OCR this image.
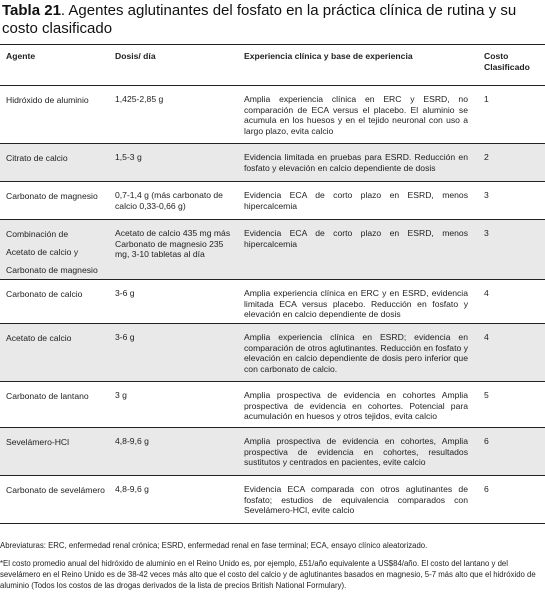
Tabla 21. Agentes aglutinantes del fosfato en la práctica clínica de rutina y su costo clasificado
Agente	Dosis/ día	Experiencia clínica y base de experiencia	Costo Clasificado

Hidróxido de aluminio	1,425-2,85 g	Amplia experiencia clínica en ERC y ESRD, no comparación de ECA versus el placebo. El aluminio se acumula en los huesos y en el tejido neuronal con uso a largo plazo, evita calcio	1

Citrato de calcio	1,5-3 g	Evidencia limitada en pruebas para ESRD. Reducción en fosfato y elevación en calcio dependiente de dosis	2

Carbonato de magnesio	0,7-1,4 g (más carbonato de calcio 0,33-0,66 g)	Evidencia ECA de corto plazo en ESRD, menos hipercalcemia	3

Combinación de
Acetato de calcio y
Carbonato de magnesio	Acetato de calcio 435 mg más Carbonato de magnesio 235 mg, 3-10 tabletas al día	Evidencia ECA de corto plazo en ESRD, menos hipercalcemia	3

Carbonato de calcio	3-6 g	Amplia experiencia clínica en ERC y en ESRD, evidencia limitada ECA versus placebo. Reducción en fosfato y elevación en calcio dependiente de dosis	4

Acetato de calcio	3-6 g	Amplia experiencia clínica en ESRD; evidencia en comparación de otros aglutinantes. Reducción en fosfato y elevación en calcio dependiente de dosis pero inferior que con carbonato de calcio.	4

Carbonato de lantano	3 g	Amplia prospectiva de evidencia en cohortes Amplia prospectiva de evidencia en cohortes. Potencial para acumulación en huesos y otros tejidos, evita calcio	5

Sevelámero-HCl	4,8-9,6 g	Amplia prospectiva de evidencia en cohortes, Amplia prospectiva de evidencia en cohortes, resultados sustitutos y centrados en pacientes, evite calcio	6

Carbonato de sevelámero	4,8-9,6 g	Evidencia ECA comparada con otros aglutinantes de fosfato; estudios de equivalencia comparados con Sevelámero-HCl, evite calcio	6
Abreviaturas: ERC, enfermedad renal crónica; ESRD, enfermedad renal en fase terminal; ECA, ensayo clínico aleatorizado.
*El costo promedio anual del hidróxido de aluminio en el Reino Unido es, por ejemplo, £51/año equivalente a US$84/año. El costo del lantano y del sevelámero en el Reino Unido es de 38-42 veces más alto que el costo del calcio y de aglutinantes basados en magnesio, 5-7 más alto que el hidróxido de aluminio (Todos los costos de las drogas derivados de la lista de precios British National Formulary).
